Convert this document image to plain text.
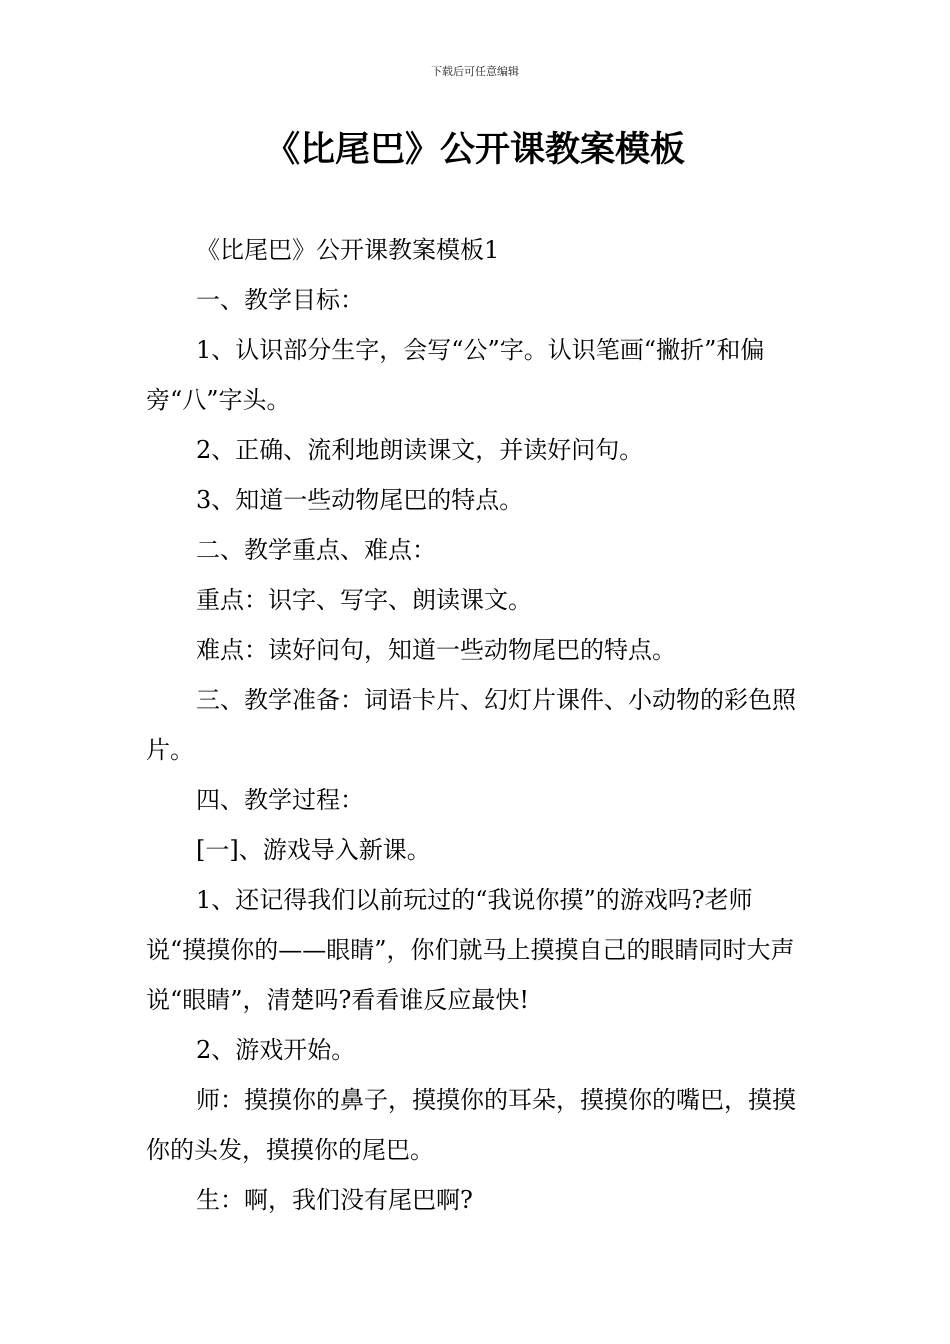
下载后可任意编辑
《比尾巴》公开课教案模板

《比尾巴》公开课教案模板1

一、教学目标：

1、认识部分生字，会写“公”字。认识笔画“撇折”和偏旁“八”字头。

2、正确、流利地朗读课文，并读好问句。

3、知道一些动物尾巴的特点。

二、教学重点、难点：

重点：识字、写字、朗读课文。

难点：读好问句，知道一些动物尾巴的特点。

三、教学准备：词语卡片、幻灯片课件、小动物的彩色照片。

四、教学过程：

[一]、游戏导入新课。

1、还记得我们以前玩过的“我说你摸”的游戏吗?老师说“摸摸你的——眼睛”，你们就马上摸摸自己的眼睛同时大声说“眼睛”，清楚吗?看看谁反应最快!

2、游戏开始。

师：摸摸你的鼻子，摸摸你的耳朵，摸摸你的嘴巴，摸摸你的头发，摸摸你的尾巴。

生：啊，我们没有尾巴啊?
